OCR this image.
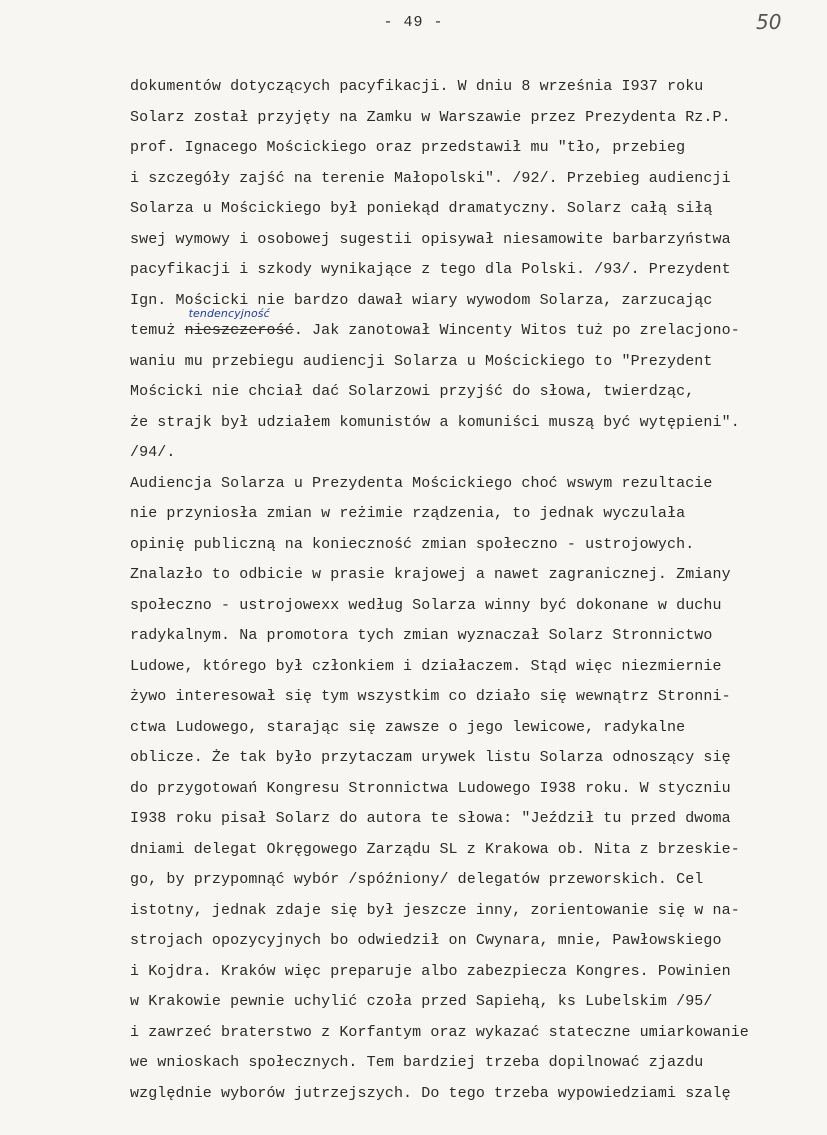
- 49 -	50
dokumentów dotyczących pacyfikacji. W dniu 8 września I937 roku
Solarz został przyjęty na Zamku w Warszawie przez Prezydenta Rz.P.
prof. Ignacego Mościckiego oraz przedstawił mu "tło, przebieg
i szczegóły zajść na terenie Małopolski". /92/. Przebieg audiencji
Solarza u Mościckiego był poniekąd dramatyczny. Solarz całą siłą
swej wymowy i osobowej sugestii opisywał niesamowite barbarzyństwa
pacyfikacji i szkody wynikające z tego dla Polski. /93/. Prezydent
Ign. Mościcki nie bardzo dawał wiary wywodom Solarza, zarzucając
temuż nieszczerość
tendencyjność
. Jak zanotował Wincenty Witos tuż po zrelacjono-
waniu mu przebiegu audiencji Solarza u Mościckiego to "Prezydent
Mościcki nie chciał dać Solarzowi przyjść do słowa, twierdząc,
że strajk był udziałem komunistów a komuniści muszą być wytępieni".
/94/.
Audiencja Solarza u Prezydenta Mościckiego choć wswym rezultacie
nie przyniosła zmian w reżimie rządzenia, to jednak wyczulała
opinię publiczną na konieczność zmian społeczno - ustrojowych.
Znalazło to odbicie w prasie krajowej a nawet zagranicznej. Zmiany
społeczno - ustrojowexx według Solarza winny być dokonane w duchu
radykalnym. Na promotora tych zmian wyznaczał Solarz Stronnictwo
Ludowe, którego był członkiem i działaczem. Stąd więc niezmiernie
żywo interesował się tym wszystkim co działo się wewnątrz Stronni-
ctwa Ludowego, starając się zawsze o jego lewicowe, radykalne
oblicze. Że tak było przytaczam urywek listu Solarza odnoszący się
do przygotowań Kongresu Stronnictwa Ludowego I938 roku. W styczniu
I938 roku pisał Solarz do autora te słowa: "Jeździł tu przed dwoma
dniami delegat Okręgowego Zarządu SL z Krakowa ob. Nita z brzeskie-
go, by przypomnąć wybór /spóźniony/ delegatów przeworskich. Cel
istotny, jednak zdaje się był jeszcze inny, zorientowanie się w na-
strojach opozycyjnych bo odwiedził on Cwynara, mnie, Pawłowskiego
i Kojdra. Kraków więc preparuje albo zabezpiecza Kongres. Powinien
w Krakowie pewnie uchylić czoła przed Sapiehą, ks Lubelskim /95/
i zawrzeć braterstwo z Korfantym oraz wykazać stateczne umiarkowanie
we wnioskach społecznych. Tem bardziej trzeba dopilnować zjazdu
względnie wyborów jutrzejszych. Do tego trzeba wypowiedziami szalę
